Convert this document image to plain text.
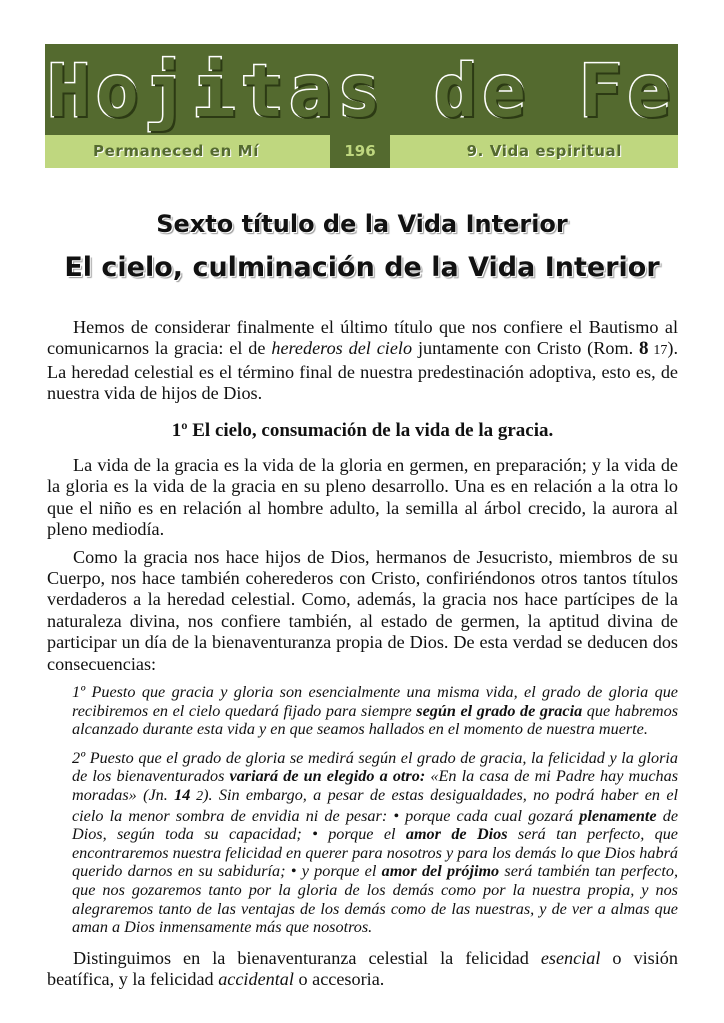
Hojitas de Fe
Permaneced en Mí	196	9. Vida espiritual
Sexto título de la Vida Interior
El cielo, culminación de la Vida Interior

Hemos de considerar finalmente el último título que nos confiere el Bautismo al comunicarnos la gracia: el de herederos del cielo juntamente con Cristo (Rom. 8 17). La heredad celestial es el término final de nuestra predestinación adoptiva, esto es, de nuestra vida de hijos de Dios.

1º El cielo, consumación de la vida de la gracia.

La vida de la gracia es la vida de la gloria en germen, en preparación; y la vida de la gloria es la vida de la gracia en su pleno desarrollo. Una es en relación a la otra lo que el niño es en relación al hombre adulto, la semilla al árbol crecido, la aurora al pleno mediodía.

Como la gracia nos hace hijos de Dios, hermanos de Jesucristo, miembros de su Cuerpo, nos hace también coherederos con Cristo, confiriéndonos otros tantos títulos verdaderos a la heredad celestial. Como, además, la gracia nos hace partícipes de la naturaleza divina, nos confiere también, al estado de germen, la aptitud divina de participar un día de la bienaventuranza propia de Dios. De esta verdad se deducen dos consecuencias:

1º Puesto que gracia y gloria son esencialmente una misma vida, el grado de gloria que recibiremos en el cielo quedará fijado para siempre según el grado de gracia que habremos alcanzado durante esta vida y en que seamos hallados en el momento de nuestra muerte.

2º Puesto que el grado de gloria se medirá según el grado de gracia, la felicidad y la gloria de los bienaventurados variará de un elegido a otro: «En la casa de mi Padre hay muchas moradas» (Jn. 14 2). Sin embargo, a pesar de estas desigualdades, no podrá haber en el cielo la menor sombra de envidia ni de pesar: • porque cada cual gozará plenamente de Dios, según toda su capacidad; • porque el amor de Dios será tan perfecto, que encontraremos nuestra felicidad en querer para nosotros y para los demás lo que Dios habrá querido darnos en su sabiduría; • y porque el amor del prójimo será también tan perfecto, que nos gozaremos tanto por la gloria de los demás como por la nuestra propia, y nos alegraremos tanto de las ventajas de los demás como de las nuestras, y de ver a almas que aman a Dios inmensamente más que nosotros.

Distinguimos en la bienaventuranza celestial la felicidad esencial o visión beatífica, y la felicidad accidental o accesoria.
